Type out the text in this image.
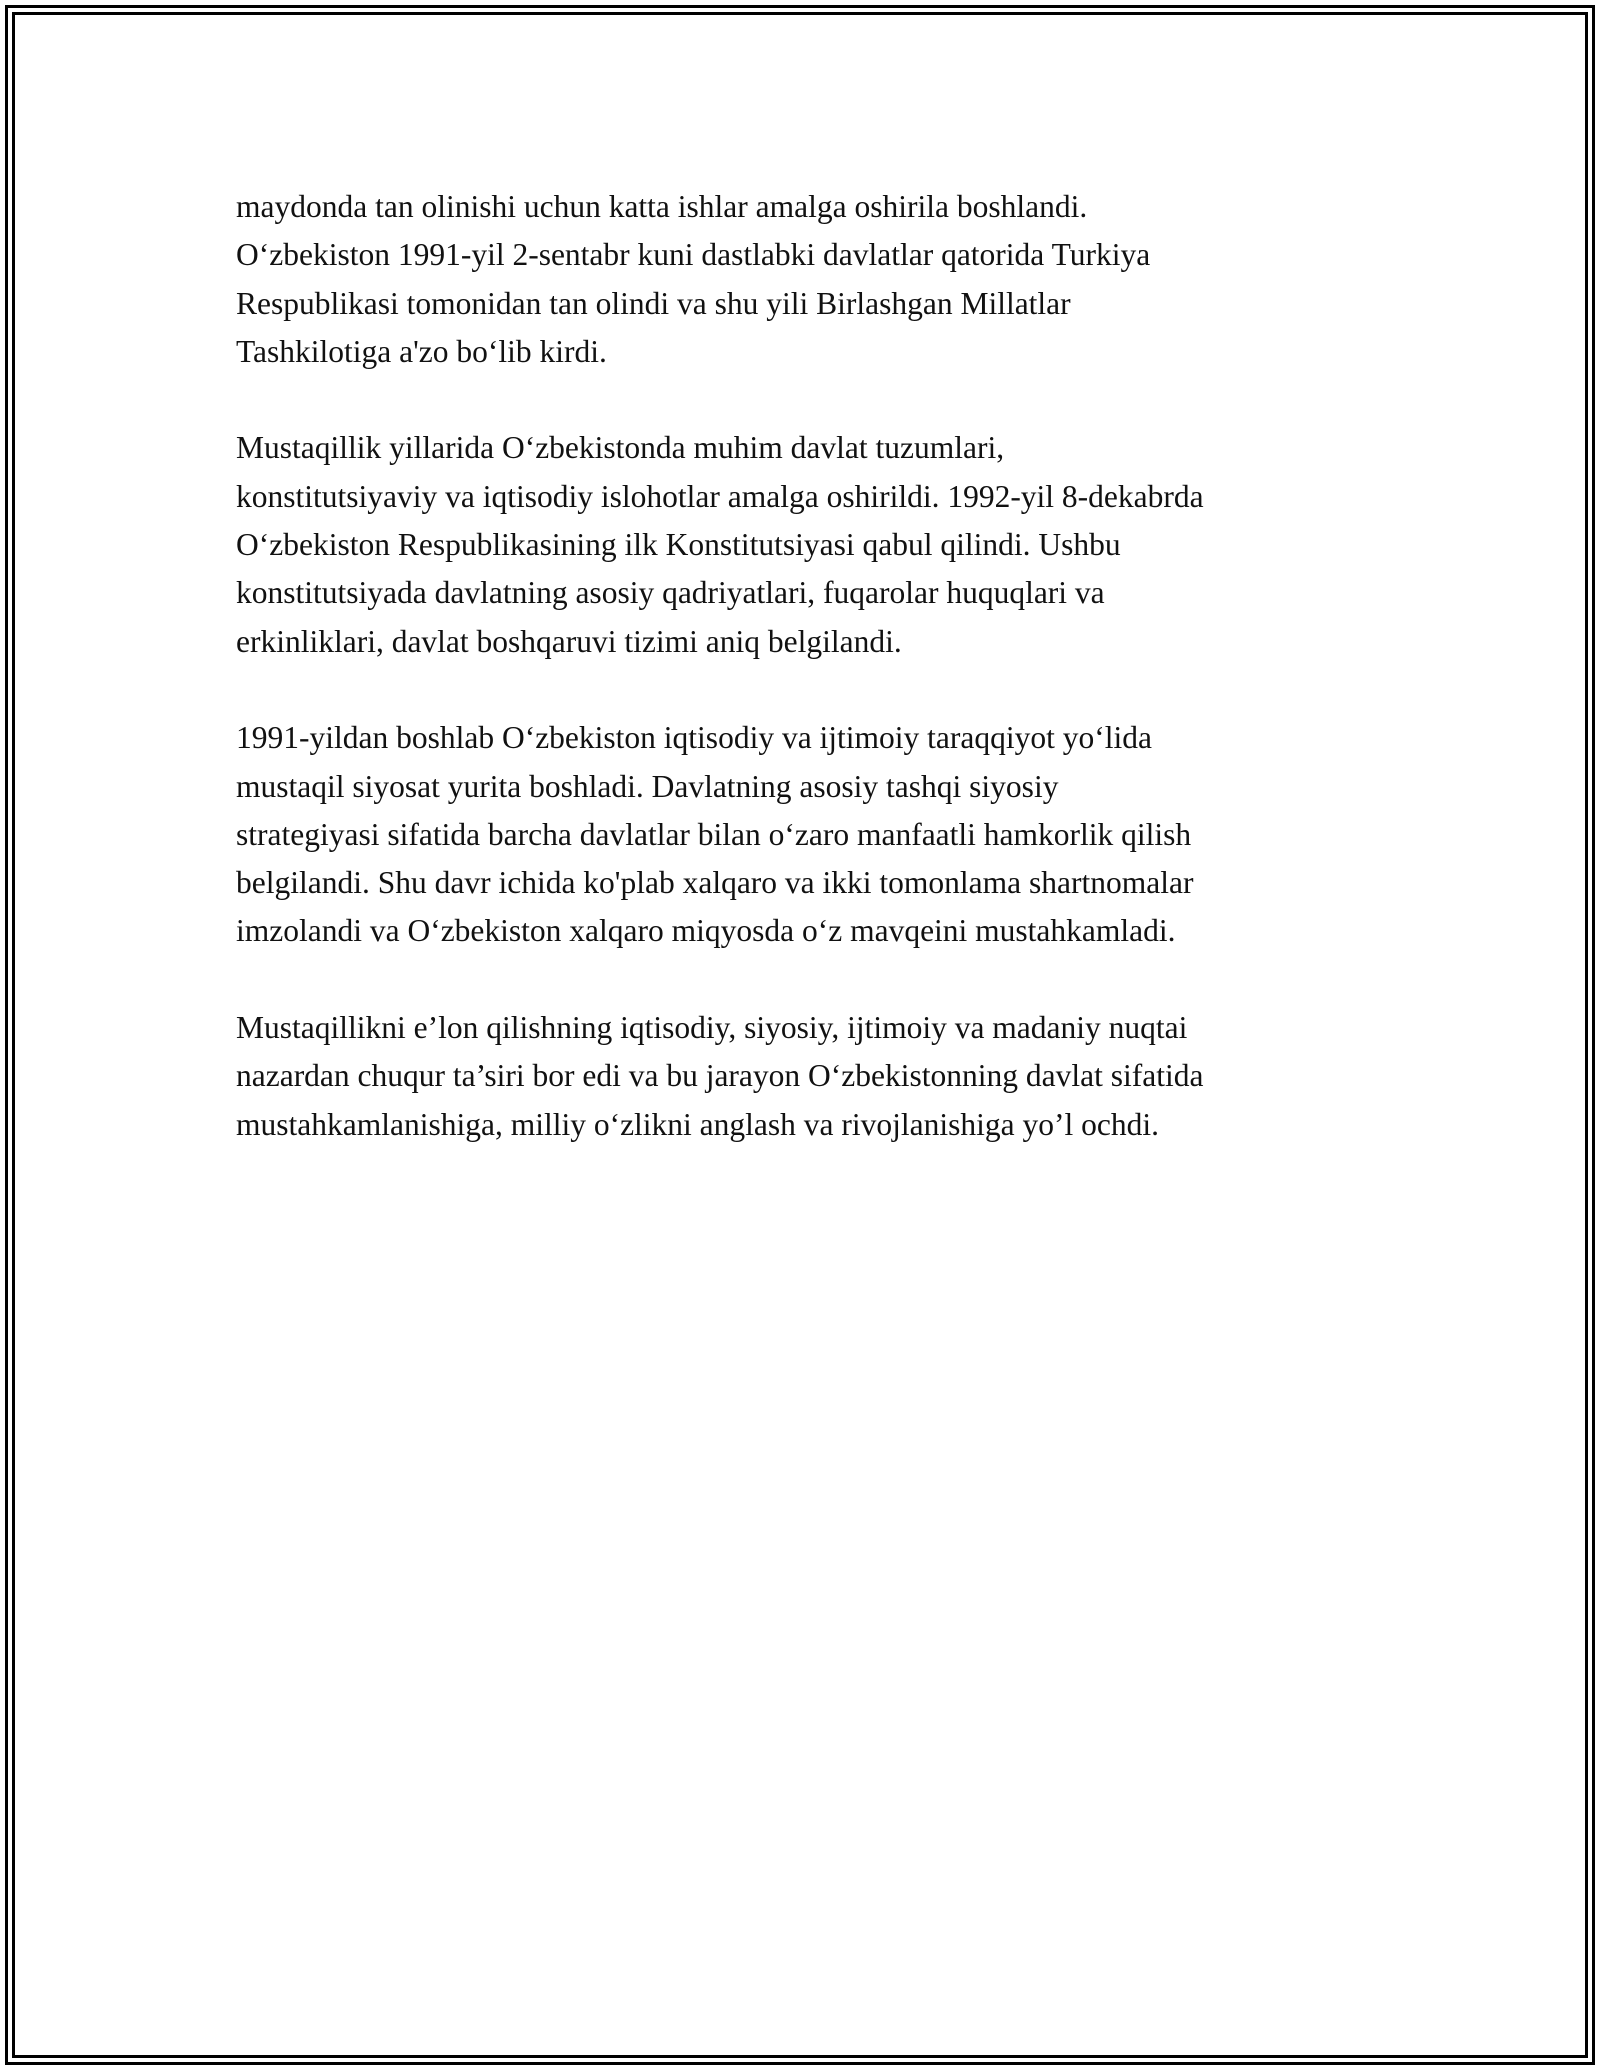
maydonda tan olinishi uchun katta ishlar amalga oshirila boshlandi.
O‘zbekiston 1991-yil 2-sentabr kuni dastlabki davlatlar qatorida Turkiya
Respublikasi tomonidan tan olindi va shu yili Birlashgan Millatlar
Tashkilotiga a'zo bo‘lib kirdi.

Mustaqillik yillarida O‘zbekistonda muhim davlat tuzumlari,
konstitutsiyaviy va iqtisodiy islohotlar amalga oshirildi. 1992-yil 8-dekabrda
O‘zbekiston Respublikasining ilk Konstitutsiyasi qabul qilindi. Ushbu
konstitutsiyada davlatning asosiy qadriyatlari, fuqarolar huquqlari va
erkinliklari, davlat boshqaruvi tizimi aniq belgilandi.

1991-yildan boshlab O‘zbekiston iqtisodiy va ijtimoiy taraqqiyot yo‘lida
mustaqil siyosat yurita boshladi. Davlatning asosiy tashqi siyosiy
strategiyasi sifatida barcha davlatlar bilan o‘zaro manfaatli hamkorlik qilish
belgilandi. Shu davr ichida ko'plab xalqaro va ikki tomonlama shartnomalar
imzolandi va O‘zbekiston xalqaro miqyosda o‘z mavqeini mustahkamladi.

Mustaqillikni e’lon qilishning iqtisodiy, siyosiy, ijtimoiy va madaniy nuqtai
nazardan chuqur ta’siri bor edi va bu jarayon O‘zbekistonning davlat sifatida
mustahkamlanishiga, milliy o‘zlikni anglash va rivojlanishiga yo’l ochdi.
